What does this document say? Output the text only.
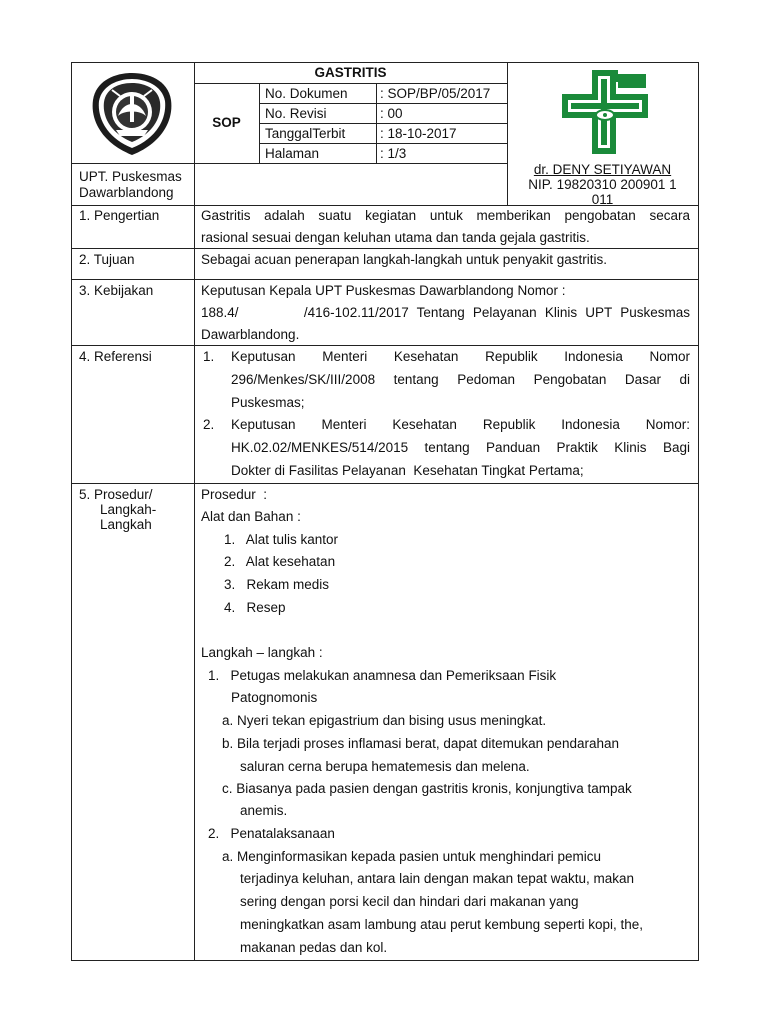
GASTRITIS
SOP
No. Dokumen : SOP/BP/05/2017
No. Revisi	: 00
TanggalTerbit	: 18-10-2017
Halaman	: 1/3
UPT. Puskesmas
Dawarblandong
dr. DENY SETIYAWAN
NIP. 19820310 200901 1
011
1. Pengertian	Gastritis adalah suatu kegiatan untuk memberikan pengobatan secara
rasional sesuai dengan keluhan utama dan tanda gejala gastritis.
2. Tujuan	Sebagai acuan penerapan langkah-langkah untuk penyakit gastritis.
3. Kebijakan	Keputusan Kepala UPT Puskesmas Dawarblandong Nomor :
188.4/        /416-102.11/2017 Tentang Pelayanan Klinis UPT Puskesmas
Dawarblandong.
4. Referensi	1. Keputusan Menteri Kesehatan Republik Indonesia Nomor
296/Menkes/SK/III/2008 tentang Pedoman Pengobatan Dasar di
Puskesmas;
2. Keputusan Menteri Kesehatan Republik Indonesia Nomor:
HK.02.02/MENKES/514/2015 tentang Panduan Praktik Klinis Bagi
Dokter di Fasilitas Pelayanan  Kesehatan Tingkat Pertama;
5. Prosedur/
Langkah-
Langkah
Prosedur  :
Alat dan Bahan :
1.   Alat tulis kantor
2.   Alat kesehatan
3.   Rekam medis
4.   Resep
Langkah – langkah :
1.   Petugas melakukan anamnesa dan Pemeriksaan Fisik
Patognomonis
a. Nyeri tekan epigastrium dan bising usus meningkat.
b. Bila terjadi proses inflamasi berat, dapat ditemukan pendarahan
saluran cerna berupa hematemesis dan melena.
c. Biasanya pada pasien dengan gastritis kronis, konjungtiva tampak
anemis.
2.   Penatalaksanaan
a. Menginformasikan kepada pasien untuk menghindari pemicu
terjadinya keluhan, antara lain dengan makan tepat waktu, makan
sering dengan porsi kecil dan hindari dari makanan yang
meningkatkan asam lambung atau perut kembung seperti kopi, the,
makanan pedas dan kol.
